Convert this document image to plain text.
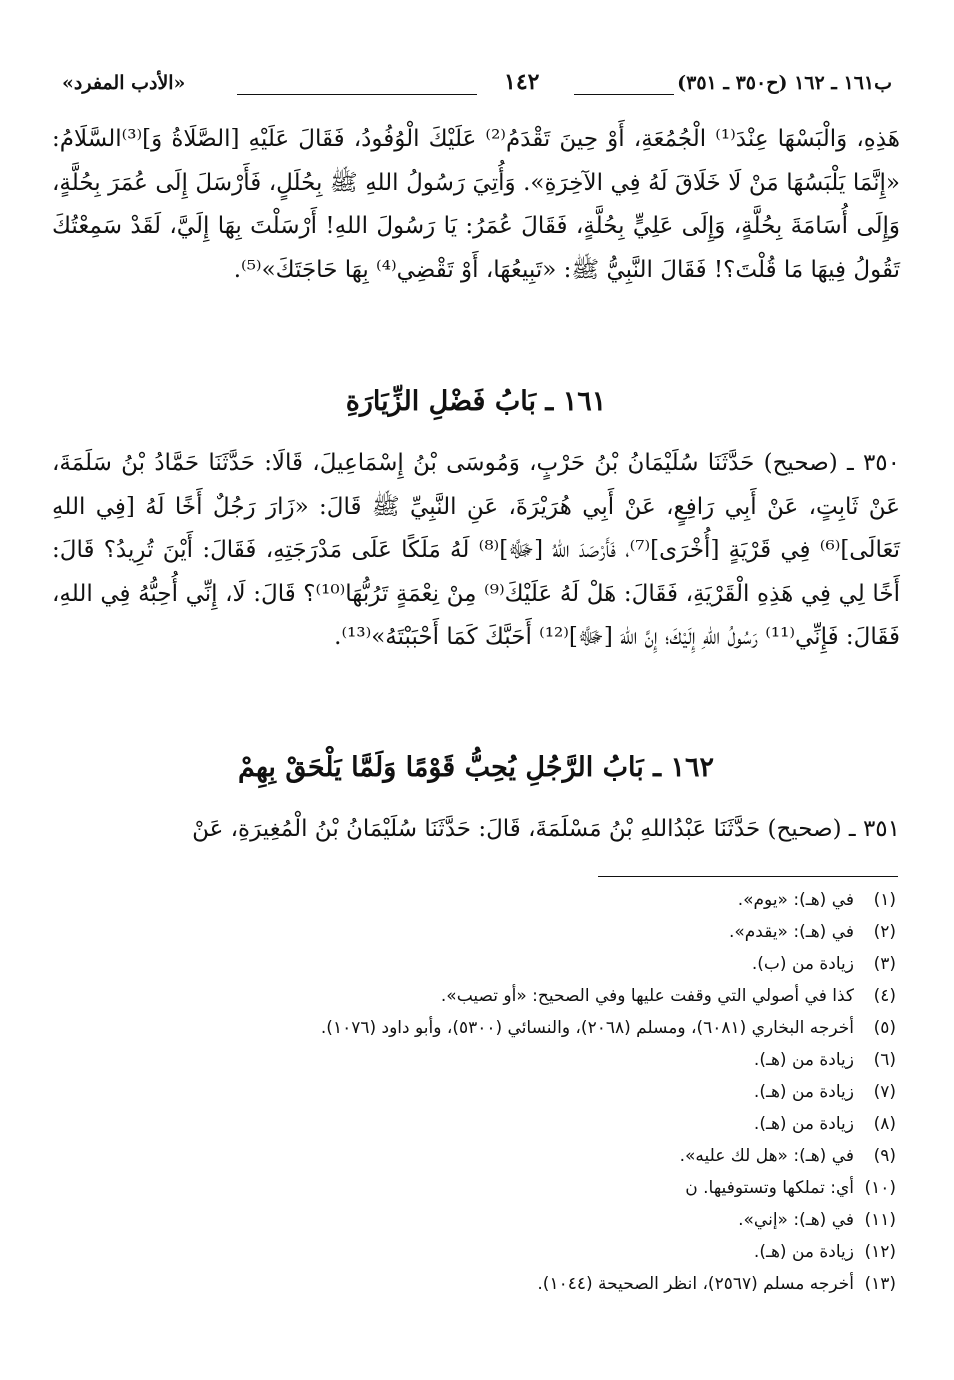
«الأدب المفرد»	١٤٢	ب١٦١ ـ ١٦٢ (ح٣٥٠ ـ ٣٥١)
هَذِهِ، وَالْبَسْهَا عِنْدَ⁽¹⁾ الْجُمُعَةِ، أَوْ حِينَ تَقْدَمُ⁽²⁾ عَلَيْكَ الْوُفُودُ، فَقَالَ عَلَيْهِ [الصَّلَاةُ وَ]⁽³⁾السَّلَامُ: «إِنَّمَا يَلْبَسُهَا مَنْ لَا خَلَاقَ لَهُ فِي الآخِرَةِ». وَأُتِيَ رَسُولُ اللهِ ﷺ بِحُلَلٍ، فَأَرْسَلَ إِلَى عُمَرَ بِحُلَّةٍ، وَإِلَى أُسَامَةَ بِحُلَّةٍ، وَإِلَى عَلِيٍّ بِحُلَّةٍ، فَقَالَ عُمَرُ: يَا رَسُولَ اللهِ! أَرْسَلْتَ بِهَا إِلَيَّ، لَقَدْ سَمِعْتُكَ تَقُولُ فِيهَا مَا قُلْتَ؟! فَقَالَ النَّبِيُّ ﷺ: «تَبِيعُهَا، أَوْ تَقْضِي⁽⁴⁾ بِهَا حَاجَتَكَ»⁽⁵⁾.
١٦١ ـ بَابُ فَضْلِ الزِّيَارَةِ
٣٥٠ ـ (صحيح) حَدَّثَنَا سُلَيْمَانُ بْنُ حَرْبٍ، وَمُوسَى بْنُ إِسْمَاعِيلَ، قَالَا: حَدَّثَنَا حَمَّادُ بْنُ سَلَمَةَ، عَنْ ثَابِتٍ، عَنْ أَبِي رَافِعٍ، عَنْ أَبِي هُرَيْرَةَ، عَنِ النَّبِيِّ ﷺ قَالَ: «زَارَ رَجُلٌ أَخًا لَهُ [فِي اللهِ تَعَالَى]⁽⁶⁾ فِي قَرْيَةٍ [أُخْرَى]⁽⁷⁾، فَأَرْصَدَ اللهُ [ﷻ]⁽⁸⁾ لَهُ مَلَكًا عَلَى مَدْرَجَتِهِ، فَقَالَ: أَيْنَ تُرِيدُ؟ قَالَ: أَخًا لِي فِي هَذِهِ الْقَرْيَةِ، فَقَالَ: هَلْ لَهُ عَلَيْكَ⁽⁹⁾ مِنْ نِعْمَةٍ تَرُبُّهَا⁽¹⁰⁾؟ قَالَ: لَا، إِنِّي أُحِبُّهُ فِي اللهِ، فَقَالَ: فَإِنِّي⁽¹¹⁾ رَسُولُ اللهِ إِلَيْكَ؛ إِنَّ اللهَ [ﷻ]⁽¹²⁾ أَحَبَّكَ كَمَا أَحْبَبْتَهُ»⁽¹³⁾.
١٦٢ ـ بَابُ الرَّجُلِ يُحِبُّ قَوْمًا وَلَمَّا يَلْحَقْ بِهِمْ
٣٥١ ـ (صحيح) حَدَّثَنَا عَبْدُاللهِ بْنُ مَسْلَمَةَ، قَالَ: حَدَّثَنَا سُلَيْمَانُ بْنُ الْمُغِيرَةِ، عَنْ
(١)في (هـ): «يوم».
(٢)في (هـ): «يقدم».
(٣)زيادة من (ب).
(٤)كذا في أصولي التي وقفت عليها وفي الصحيح: «أو تصيب».
(٥)أخرجه البخاري (٦٠٨١)، ومسلم (٢٠٦٨)، والنسائي (٥٣٠٠)، وأبو داود (١٠٧٦).
(٦)زيادة من (هـ).
(٧)زيادة من (هـ).
(٨)زيادة من (هـ).
(٩)في (هـ): «هل لك عليه».
(١٠)أي: تملكها وتستوفيها. ن
(١١)في (هـ): «إني».
(١٢)زيادة من (هـ).
(١٣)أخرجه مسلم (٢٥٦٧)، انظر الصحيحة (١٠٤٤).
